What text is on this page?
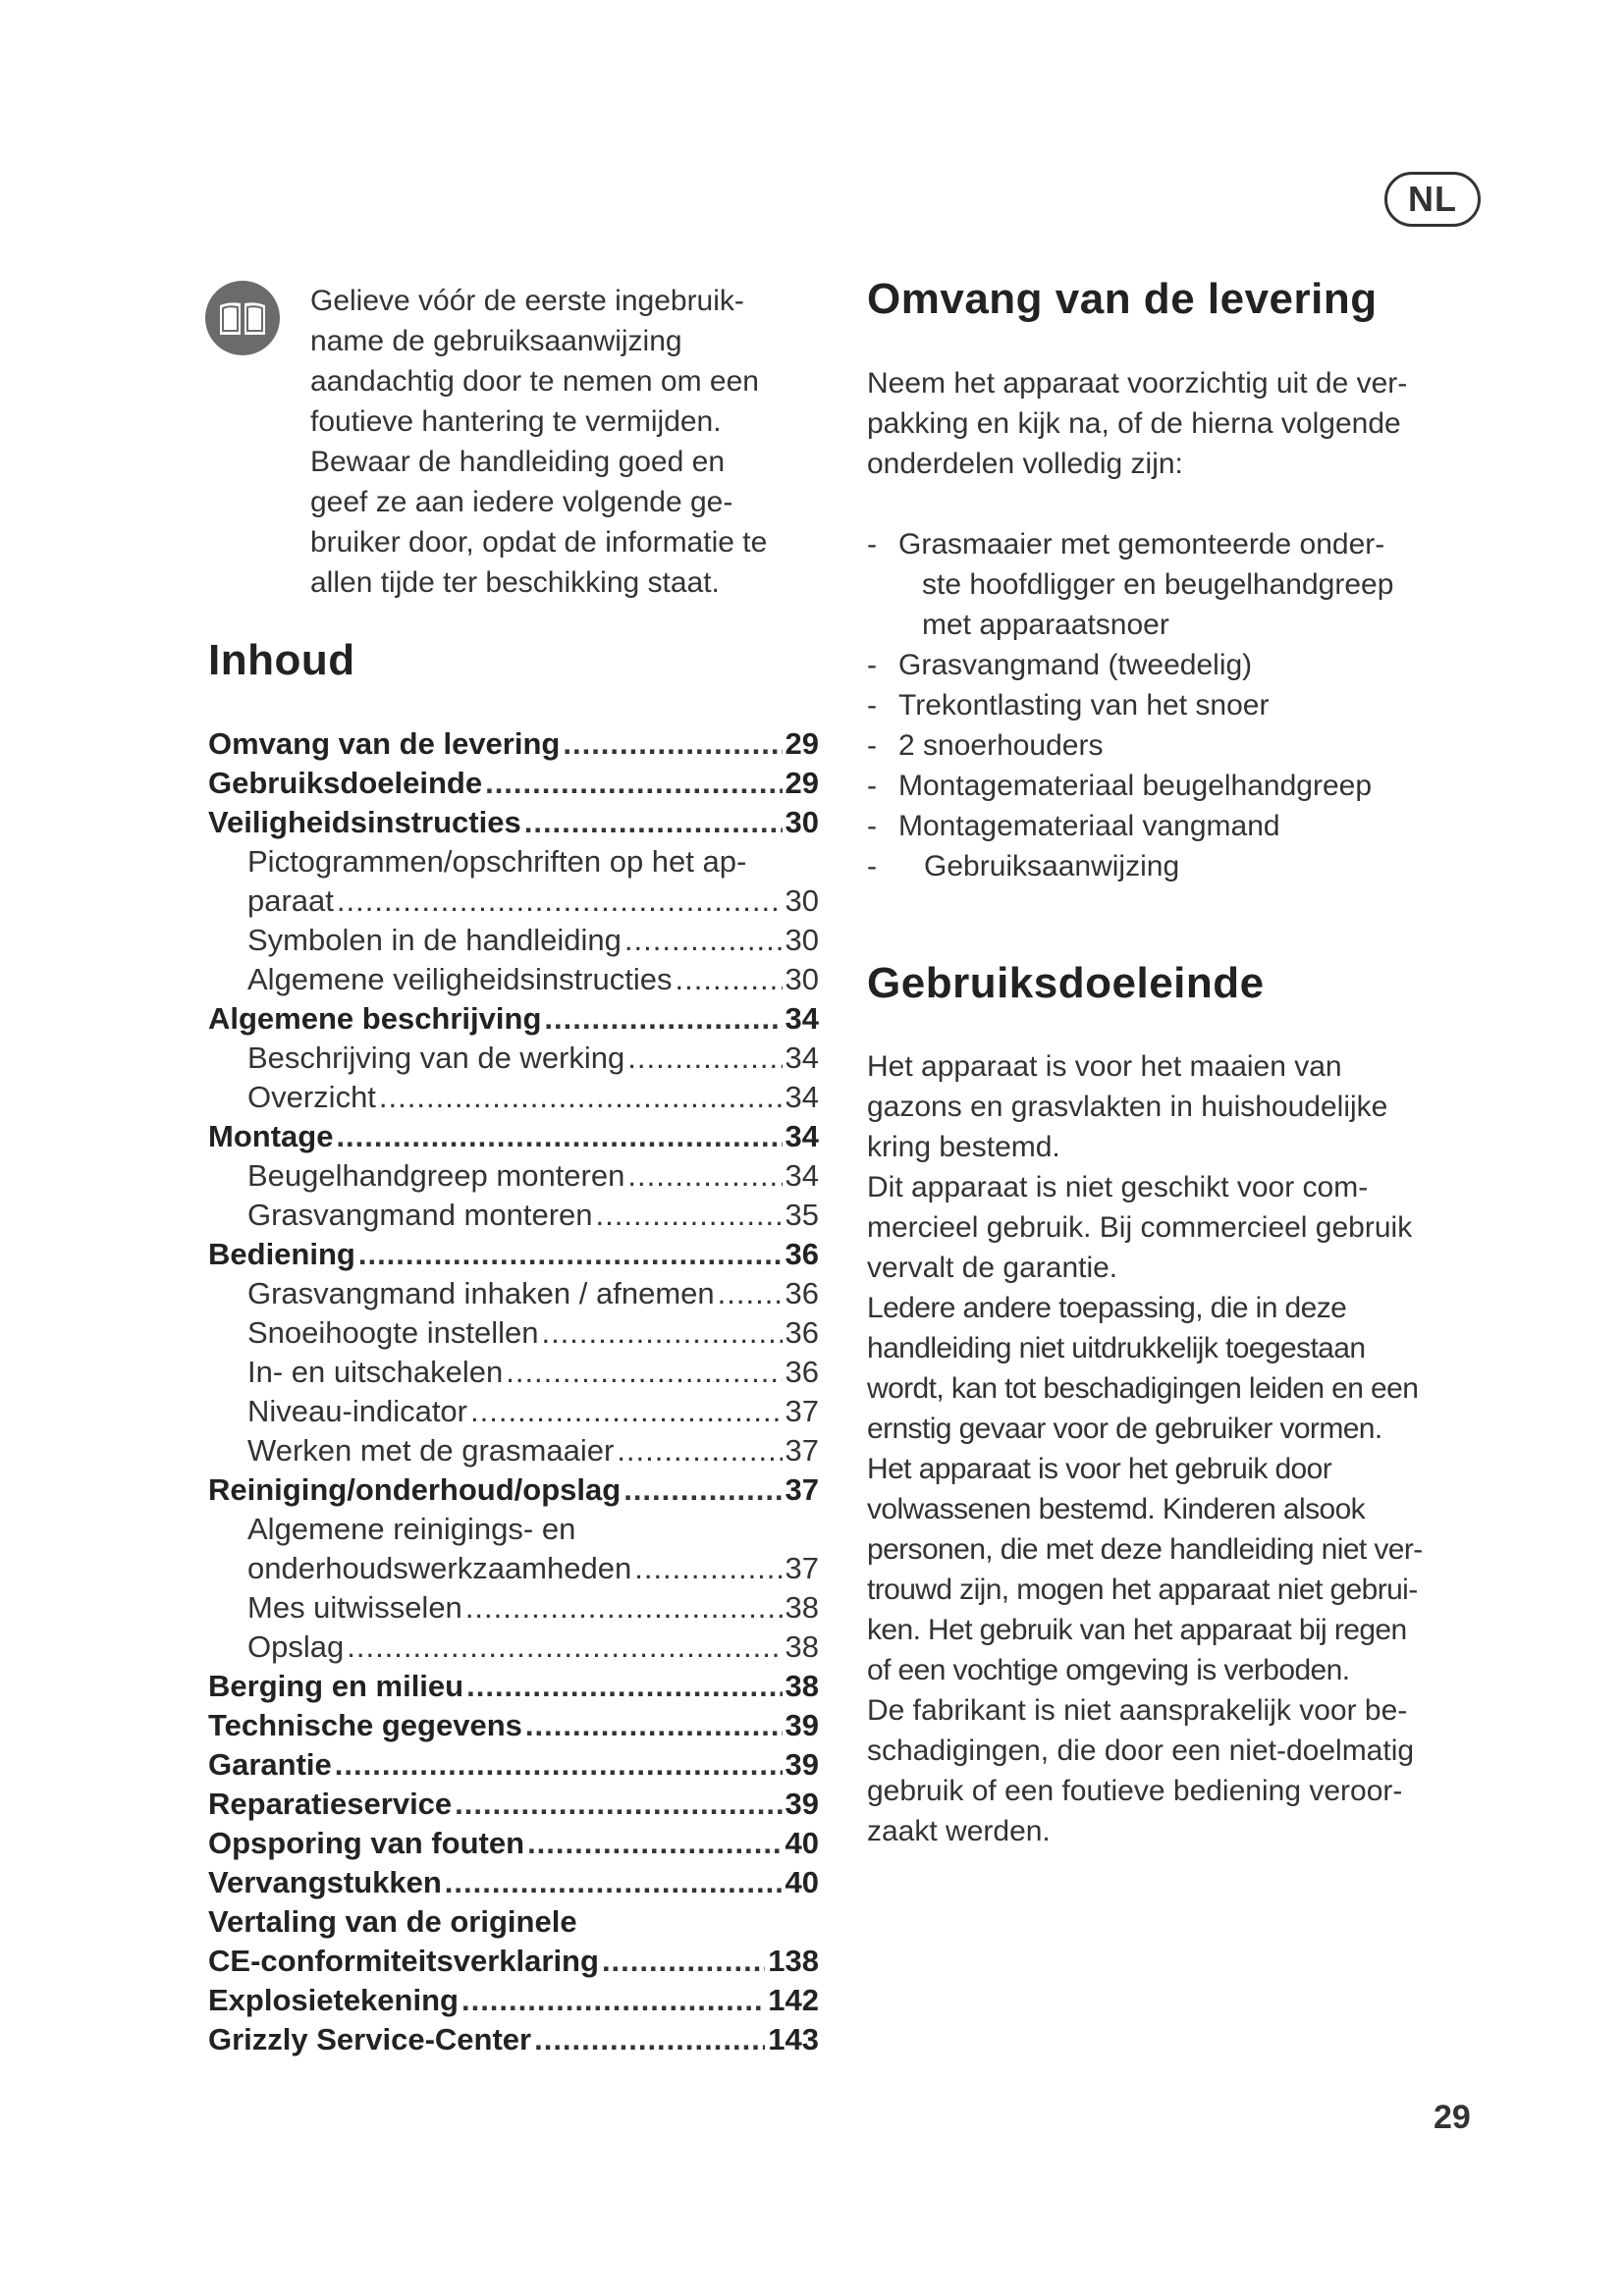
NL
Gelieve vóór de eerste ingebruik-
name de gebruiksaanwijzing
aandachtig door te nemen om een
foutieve hantering te vermijden.
Bewaar de handleiding goed en
geef ze aan iedere volgende ge-
bruiker door, opdat de informatie te
allen tijde ter beschikking staat.
Inhoud
Omvang van de levering .....	29
Gebruiksdoeleinde .....	29
Veiligheidsinstructies .....	30
Pictogrammen/opschriften op het ap-
paraat .....	30
Symbolen in de handleiding .....	30
Algemene veiligheidsinstructies .....	30
Algemene beschrijving .....	34
Beschrijving van de werking .....	34
Overzicht .....	34
Montage .....	34
Beugelhandgreep monteren .....	34
Grasvangmand monteren .....	35
Bediening .....	36
Grasvangmand inhaken / afnemen ..... 36
Snoeihoogte instellen .....	36
In- en uitschakelen .....	36
Niveau-indicator .....	37
Werken met de grasmaaier .....	37
Reiniging/onderhoud/opslag .....	37
Algemene reinigings- en
onderhoudswerkzaamheden .....	37
Mes uitwisselen .....	38
Opslag .....	38
Berging en milieu .....	38
Technische gegevens .....	39
Garantie .....	39
Reparatieservice .....	39
Opsporing van fouten .....	40
Vervangstukken .....	40
Vertaling van de originele
CE-conformiteitsverklaring .....	138
Explosietekening .....	142
Grizzly Service-Center .....	143
Omvang van de levering
Neem het apparaat voorzichtig uit de ver-
pakking en kijk na, of de hierna volgende
onderdelen volledig zijn:
- Grasmaaier met gemonteerde onder-
ste hoofdligger en beugelhandgreep
met apparaatsnoer
- Grasvangmand (tweedelig)
- Trekontlasting van het snoer
- 2 snoerhouders
- Montagemateriaal beugelhandgreep
- Montagemateriaal vangmand
- Gebruiksaanwijzing
Gebruiksdoeleinde
Het apparaat is voor het maaien van
gazons en grasvlakten in huishoudelijke
kring bestemd.
Dit apparaat is niet geschikt voor com-
mercieel gebruik. Bij commercieel gebruik
vervalt de garantie.
Ledere andere toepassing, die in deze
handleiding niet uitdrukkelijk toegestaan
wordt, kan tot beschadigingen leiden en een
ernstig gevaar voor de gebruiker vormen.
Het apparaat is voor het gebruik door
volwassenen bestemd. Kinderen alsook
personen, die met deze handleiding niet ver-
trouwd zijn, mogen het apparaat niet gebrui-
ken. Het gebruik van het apparaat bij regen
of een vochtige omgeving is verboden.
De fabrikant is niet aansprakelijk voor be-
schadigingen, die door een niet-doelmatig
gebruik of een foutieve bediening veroor-
zaakt werden.
29
